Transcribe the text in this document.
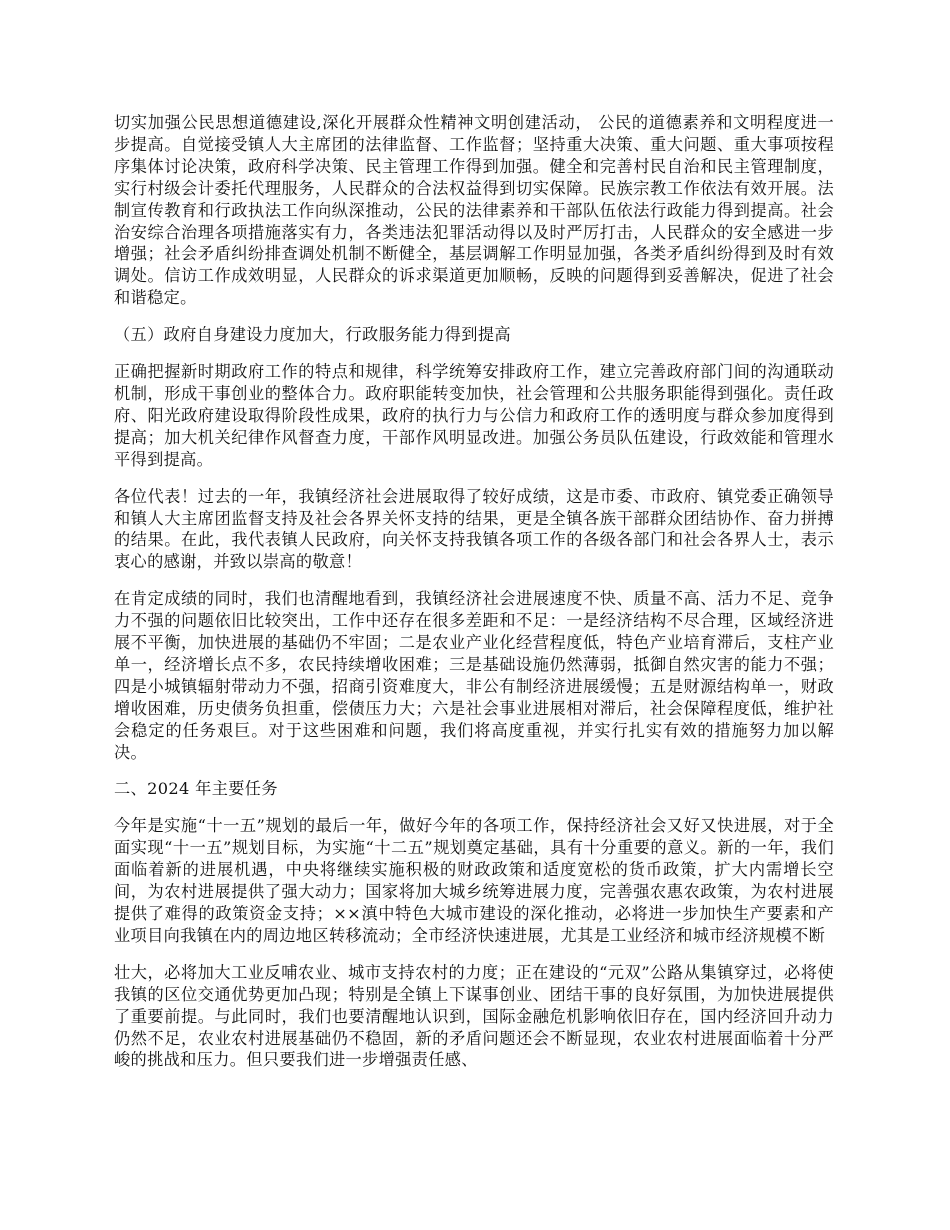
切实加强公民思想道德建设,深化开展群众性精神文明创建活动， 公民的道德素养和文明程度进一步提高。自觉接受镇人大主席团的法律监督、工作监督；坚持重大决策、重大问题、重大事项按程序集体讨论决策，政府科学决策、民主管理工作得到加强。健全和完善村民自治和民主管理制度，实行村级会计委托代理服务，人民群众的合法权益得到切实保障。民族宗教工作依法有效开展。法制宣传教育和行政执法工作向纵深推动，公民的法律素养和干部队伍依法行政能力得到提高。社会治安综合治理各项措施落实有力，各类违法犯罪活动得以及时严厉打击，人民群众的安全感进一步增强；社会矛盾纠纷排查调处机制不断健全，基层调解工作明显加强，各类矛盾纠纷得到及时有效调处。信访工作成效明显，人民群众的诉求渠道更加顺畅，反映的问题得到妥善解决，促进了社会和谐稳定。

（五）政府自身建设力度加大，行政服务能力得到提高

正确把握新时期政府工作的特点和规律，科学统筹安排政府工作，建立完善政府部门间的沟通联动机制，形成干事创业的整体合力。政府职能转变加快，社会管理和公共服务职能得到强化。责任政府、阳光政府建设取得阶段性成果，政府的执行力与公信力和政府工作的透明度与群众参加度得到提高；加大机关纪律作风督查力度，干部作风明显改进。加强公务员队伍建设，行政效能和管理水平得到提高。

各位代表！过去的一年，我镇经济社会进展取得了较好成绩，这是市委、市政府、镇党委正确领导和镇人大主席团监督支持及社会各界关怀支持的结果，更是全镇各族干部群众团结协作、奋力拼搏的结果。在此，我代表镇人民政府，向关怀支持我镇各项工作的各级各部门和社会各界人士，表示衷心的感谢，并致以崇高的敬意！

在肯定成绩的同时，我们也清醒地看到，我镇经济社会进展速度不快、质量不高、活力不足、竞争力不强的问题依旧比较突出，工作中还存在很多差距和不足：一是经济结构不尽合理，区域经济进展不平衡，加快进展的基础仍不牢固；二是农业产业化经营程度低，特色产业培育滞后，支柱产业单一，经济增长点不多，农民持续增收困难；三是基础设施仍然薄弱，抵御自然灾害的能力不强；四是小城镇辐射带动力不强，招商引资难度大，非公有制经济进展缓慢；五是财源结构单一，财政增收困难，历史债务负担重，偿债压力大；六是社会事业进展相对滞后，社会保障程度低，维护社会稳定的任务艰巨。对于这些困难和问题，我们将高度重视，并实行扎实有效的措施努力加以解决。

二、2024 年主要任务

今年是实施“十一五”规划的最后一年，做好今年的各项工作，保持经济社会又好又快进展，对于全面实现“十一五”规划目标，为实施“十二五”规划奠定基础，具有十分重要的意义。新的一年，我们面临着新的进展机遇，中央将继续实施积极的财政政策和适度宽松的货币政策，扩大内需增长空间，为农村进展提供了强大动力；国家将加大城乡统筹进展力度，完善强农惠农政策，为农村进展提供了难得的政策资金支持；××滇中特色大城市建设的深化推动，必将进一步加快生产要素和产业项目向我镇在内的周边地区转移流动；全市经济快速进展，尤其是工业经济和城市经济规模不断

壮大，必将加大工业反哺农业、城市支持农村的力度；正在建设的“元双”公路从集镇穿过，必将使我镇的区位交通优势更加凸现；特别是全镇上下谋事创业、团结干事的良好氛围，为加快进展提供了重要前提。与此同时，我们也要清醒地认识到，国际金融危机影响依旧存在，国内经济回升动力仍然不足，农业农村进展基础仍不稳固，新的矛盾问题还会不断显现，农业农村进展面临着十分严峻的挑战和压力。但只要我们进一步增强责任感、
